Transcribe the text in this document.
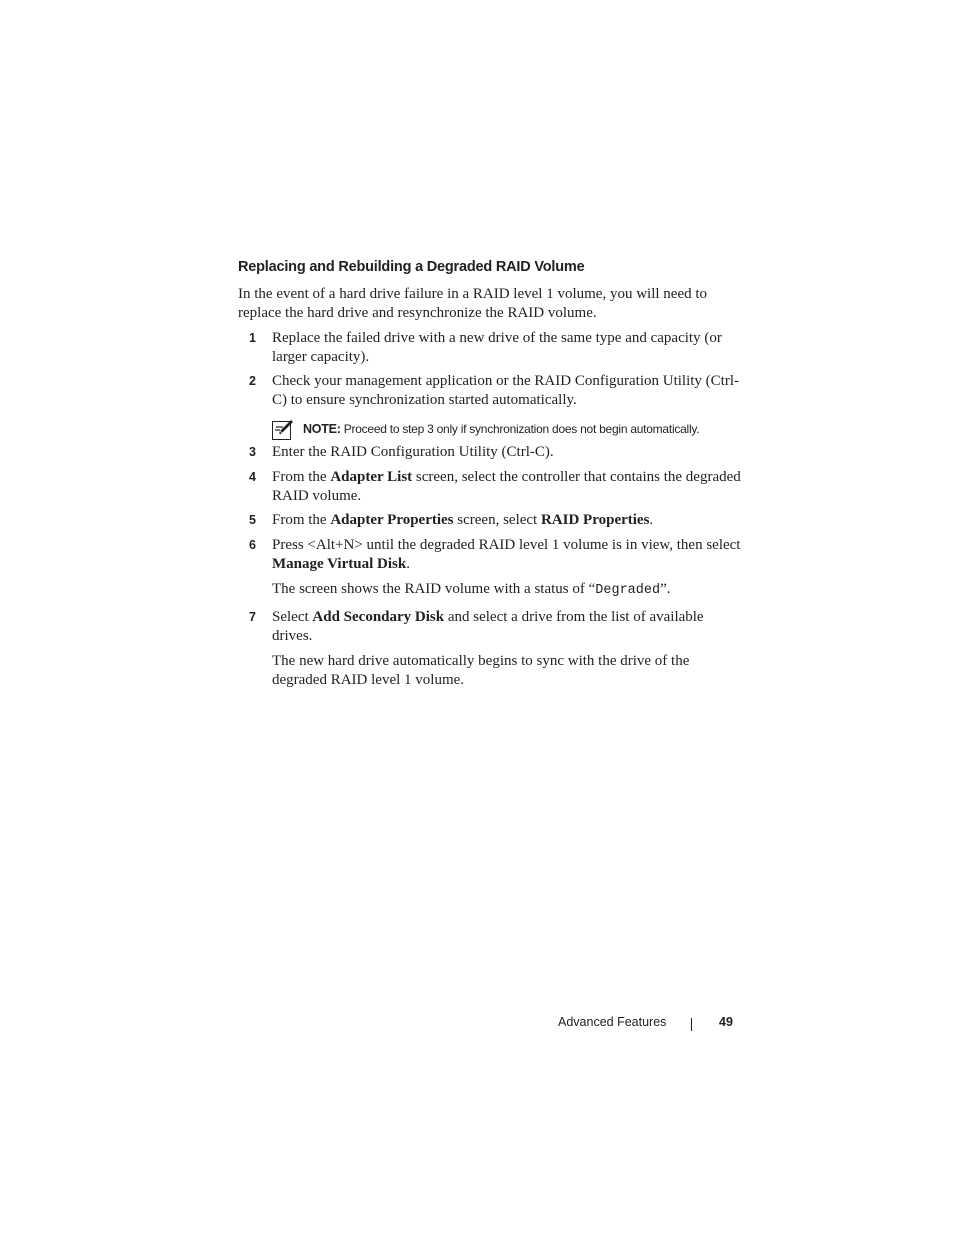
Replacing and Rebuilding a Degraded RAID Volume
In the event of a hard drive failure in a RAID level 1 volume, you will need to replace the hard drive and resynchronize the RAID volume.
1 Replace the failed drive with a new drive of the same type and capacity (or larger capacity).
2 Check your management application or the RAID Configuration Utility (Ctrl-C) to ensure synchronization started automatically.
NOTE: Proceed to step 3 only if synchronization does not begin automatically.
3 Enter the RAID Configuration Utility (Ctrl-C).
4 From the Adapter List screen, select the controller that contains the degraded RAID volume.
5 From the Adapter Properties screen, select RAID Properties.
6 Press <Alt+N> until the degraded RAID level 1 volume is in view, then select Manage Virtual Disk.
The screen shows the RAID volume with a status of “Degraded”.
7 Select Add Secondary Disk and select a drive from the list of available drives.
The new hard drive automatically begins to sync with the drive of the degraded RAID level 1 volume.
Advanced Features	49
